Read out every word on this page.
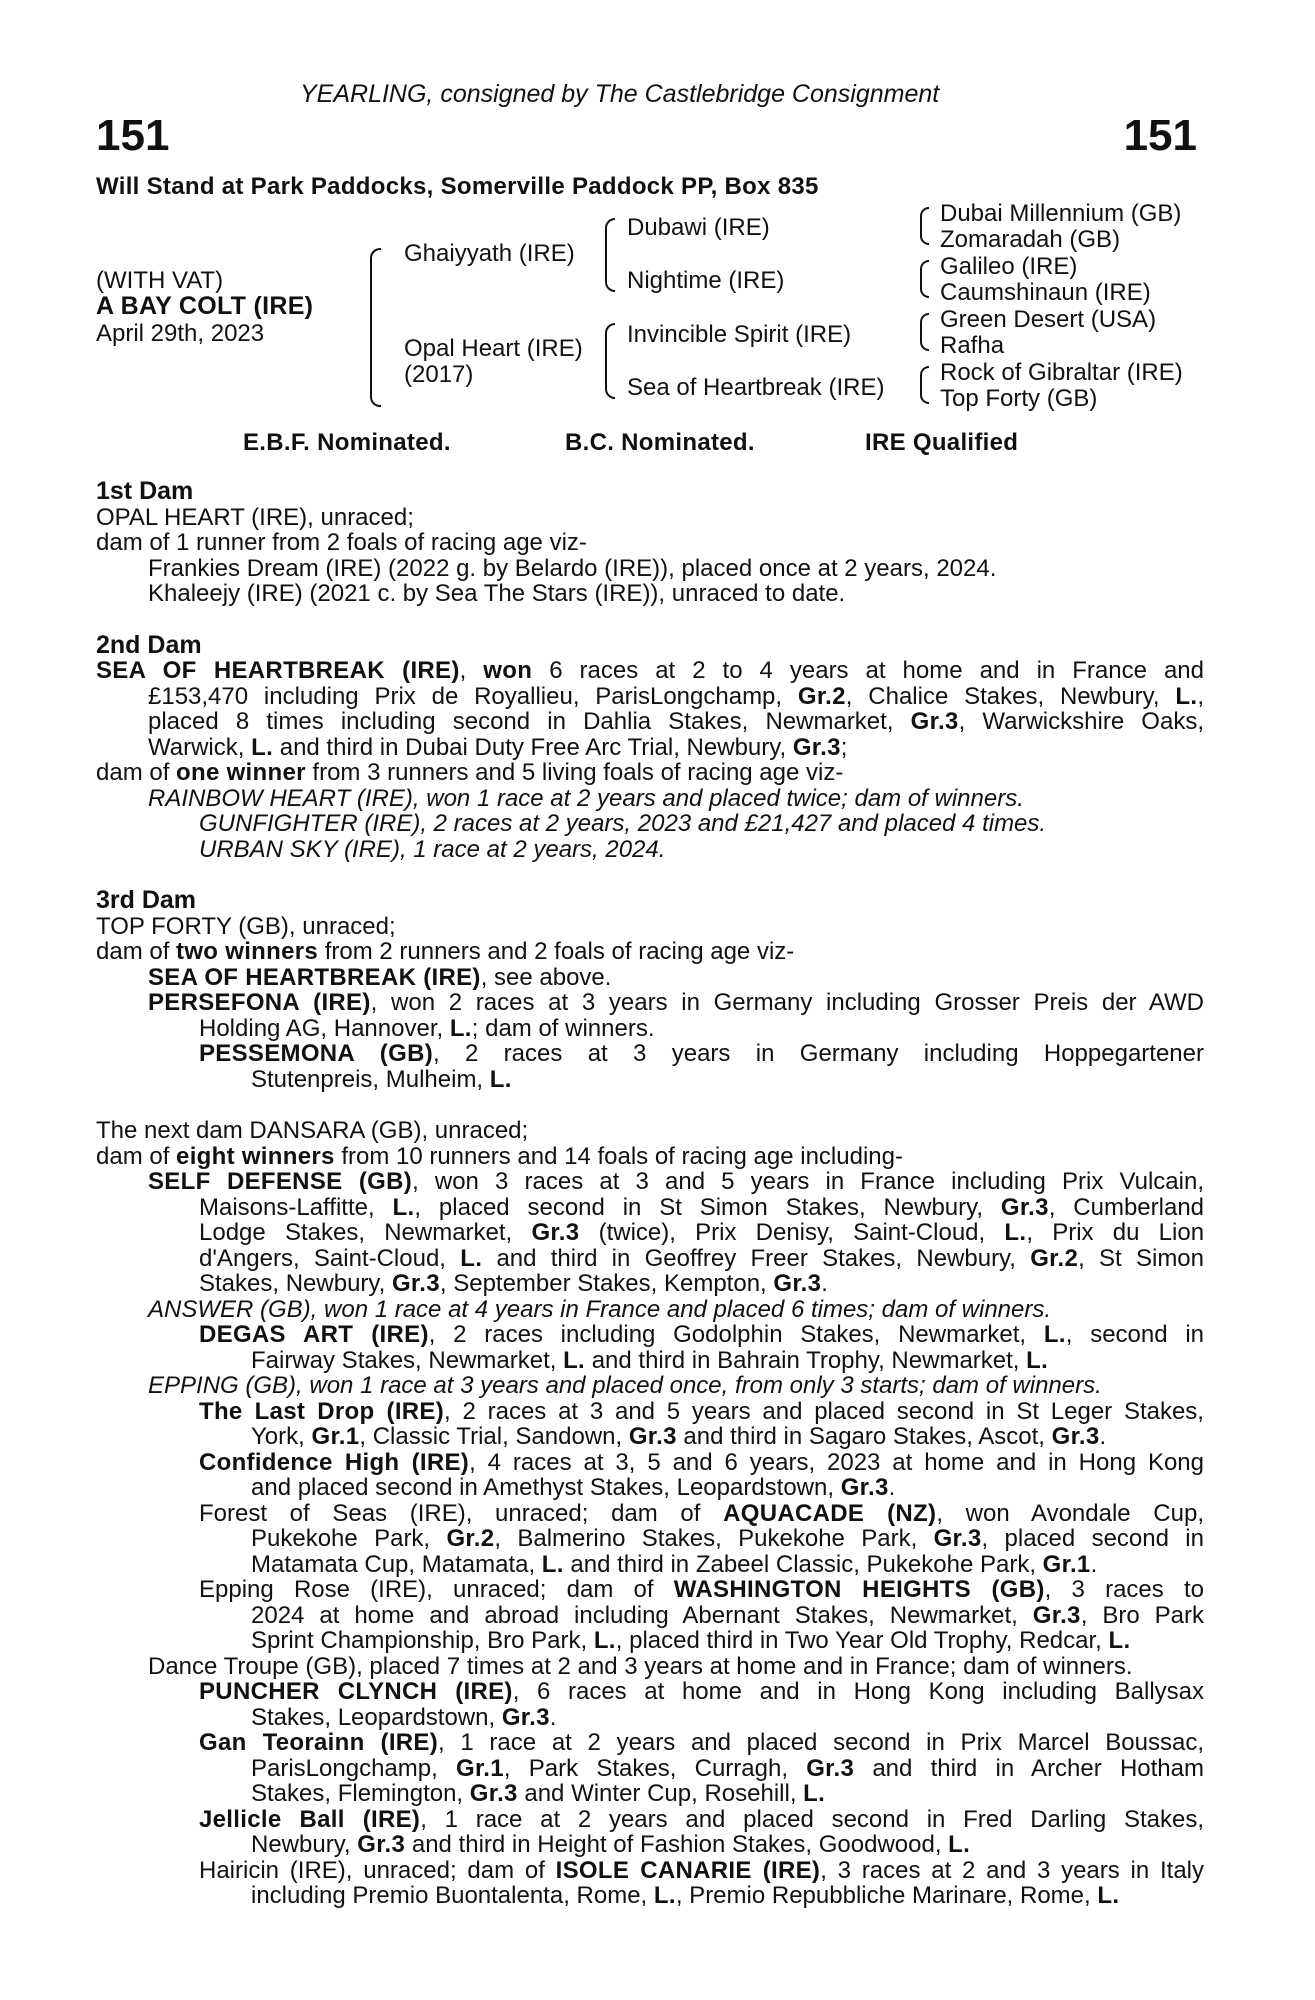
YEARLING, consigned by The Castlebridge Consignment
151	151
Will Stand at Park Paddocks, Somerville Paddock PP, Box 835
(WITH VAT)
A BAY COLT (IRE)
April 29th, 2023
Ghaiyyath (IRE)
Opal Heart (IRE)
(2017)
Dubawi (IRE)
Nightime (IRE)
Invincible Spirit (IRE)
Sea of Heartbreak (IRE)
Dubai Millennium (GB)
Zomaradah (GB)
Galileo (IRE)
Caumshinaun (IRE)
Green Desert (USA)
Rafha
Rock of Gibraltar (IRE)
Top Forty (GB)
E.B.F. Nominated.	B.C. Nominated.	IRE Qualified
1st Dam
OPAL HEART (IRE), unraced;
dam of 1 runner from 2 foals of racing age viz-
Frankies Dream (IRE) (2022 g. by Belardo (IRE)), placed once at 2 years, 2024.
Khaleejy (IRE) (2021 c. by Sea The Stars (IRE)), unraced to date.
2nd Dam
SEA OF HEARTBREAK (IRE), won 6 races at 2 to 4 years at home and in France and
£153,470 including Prix de Royallieu, ParisLongchamp, Gr.2, Chalice Stakes, Newbury, L.,
placed 8 times including second in Dahlia Stakes, Newmarket, Gr.3, Warwickshire Oaks,
Warwick, L. and third in Dubai Duty Free Arc Trial, Newbury, Gr.3;
dam of one winner from 3 runners and 5 living foals of racing age viz-
RAINBOW HEART (IRE), won 1 race at 2 years and placed twice; dam of winners.
GUNFIGHTER (IRE), 2 races at 2 years, 2023 and £21,427 and placed 4 times.
URBAN SKY (IRE), 1 race at 2 years, 2024.
3rd Dam
TOP FORTY (GB), unraced;
dam of two winners from 2 runners and 2 foals of racing age viz-
SEA OF HEARTBREAK (IRE), see above.
PERSEFONA (IRE), won 2 races at 3 years in Germany including Grosser Preis der AWD
Holding AG, Hannover, L.; dam of winners.
PESSEMONA (GB), 2 races at 3 years in Germany including Hoppegartener
Stutenpreis, Mulheim, L.
The next dam DANSARA (GB), unraced;
dam of eight winners from 10 runners and 14 foals of racing age including-
SELF DEFENSE (GB), won 3 races at 3 and 5 years in France including Prix Vulcain,
Maisons-Laffitte, L., placed second in St Simon Stakes, Newbury, Gr.3, Cumberland
Lodge Stakes, Newmarket, Gr.3 (twice), Prix Denisy, Saint-Cloud, L., Prix du Lion
d'Angers, Saint-Cloud, L. and third in Geoffrey Freer Stakes, Newbury, Gr.2, St Simon
Stakes, Newbury, Gr.3, September Stakes, Kempton, Gr.3.
ANSWER (GB), won 1 race at 4 years in France and placed 6 times; dam of winners.
DEGAS ART (IRE), 2 races including Godolphin Stakes, Newmarket, L., second in
Fairway Stakes, Newmarket, L. and third in Bahrain Trophy, Newmarket, L.
EPPING (GB), won 1 race at 3 years and placed once, from only 3 starts; dam of winners.
The Last Drop (IRE), 2 races at 3 and 5 years and placed second in St Leger Stakes,
York, Gr.1, Classic Trial, Sandown, Gr.3 and third in Sagaro Stakes, Ascot, Gr.3.
Confidence High (IRE), 4 races at 3, 5 and 6 years, 2023 at home and in Hong Kong
and placed second in Amethyst Stakes, Leopardstown, Gr.3.
Forest of Seas (IRE), unraced; dam of AQUACADE (NZ), won Avondale Cup,
Pukekohe Park, Gr.2, Balmerino Stakes, Pukekohe Park, Gr.3, placed second in
Matamata Cup, Matamata, L. and third in Zabeel Classic, Pukekohe Park, Gr.1.
Epping Rose (IRE), unraced; dam of WASHINGTON HEIGHTS (GB), 3 races to
2024 at home and abroad including Abernant Stakes, Newmarket, Gr.3, Bro Park
Sprint Championship, Bro Park, L., placed third in Two Year Old Trophy, Redcar, L.
Dance Troupe (GB), placed 7 times at 2 and 3 years at home and in France; dam of winners.
PUNCHER CLYNCH (IRE), 6 races at home and in Hong Kong including Ballysax
Stakes, Leopardstown, Gr.3.
Gan Teorainn (IRE), 1 race at 2 years and placed second in Prix Marcel Boussac,
ParisLongchamp, Gr.1, Park Stakes, Curragh, Gr.3 and third in Archer Hotham
Stakes, Flemington, Gr.3 and Winter Cup, Rosehill, L.
Jellicle Ball (IRE), 1 race at 2 years and placed second in Fred Darling Stakes,
Newbury, Gr.3 and third in Height of Fashion Stakes, Goodwood, L.
Hairicin (IRE), unraced; dam of ISOLE CANARIE (IRE), 3 races at 2 and 3 years in Italy
including Premio Buontalenta, Rome, L., Premio Repubbliche Marinare, Rome, L.
